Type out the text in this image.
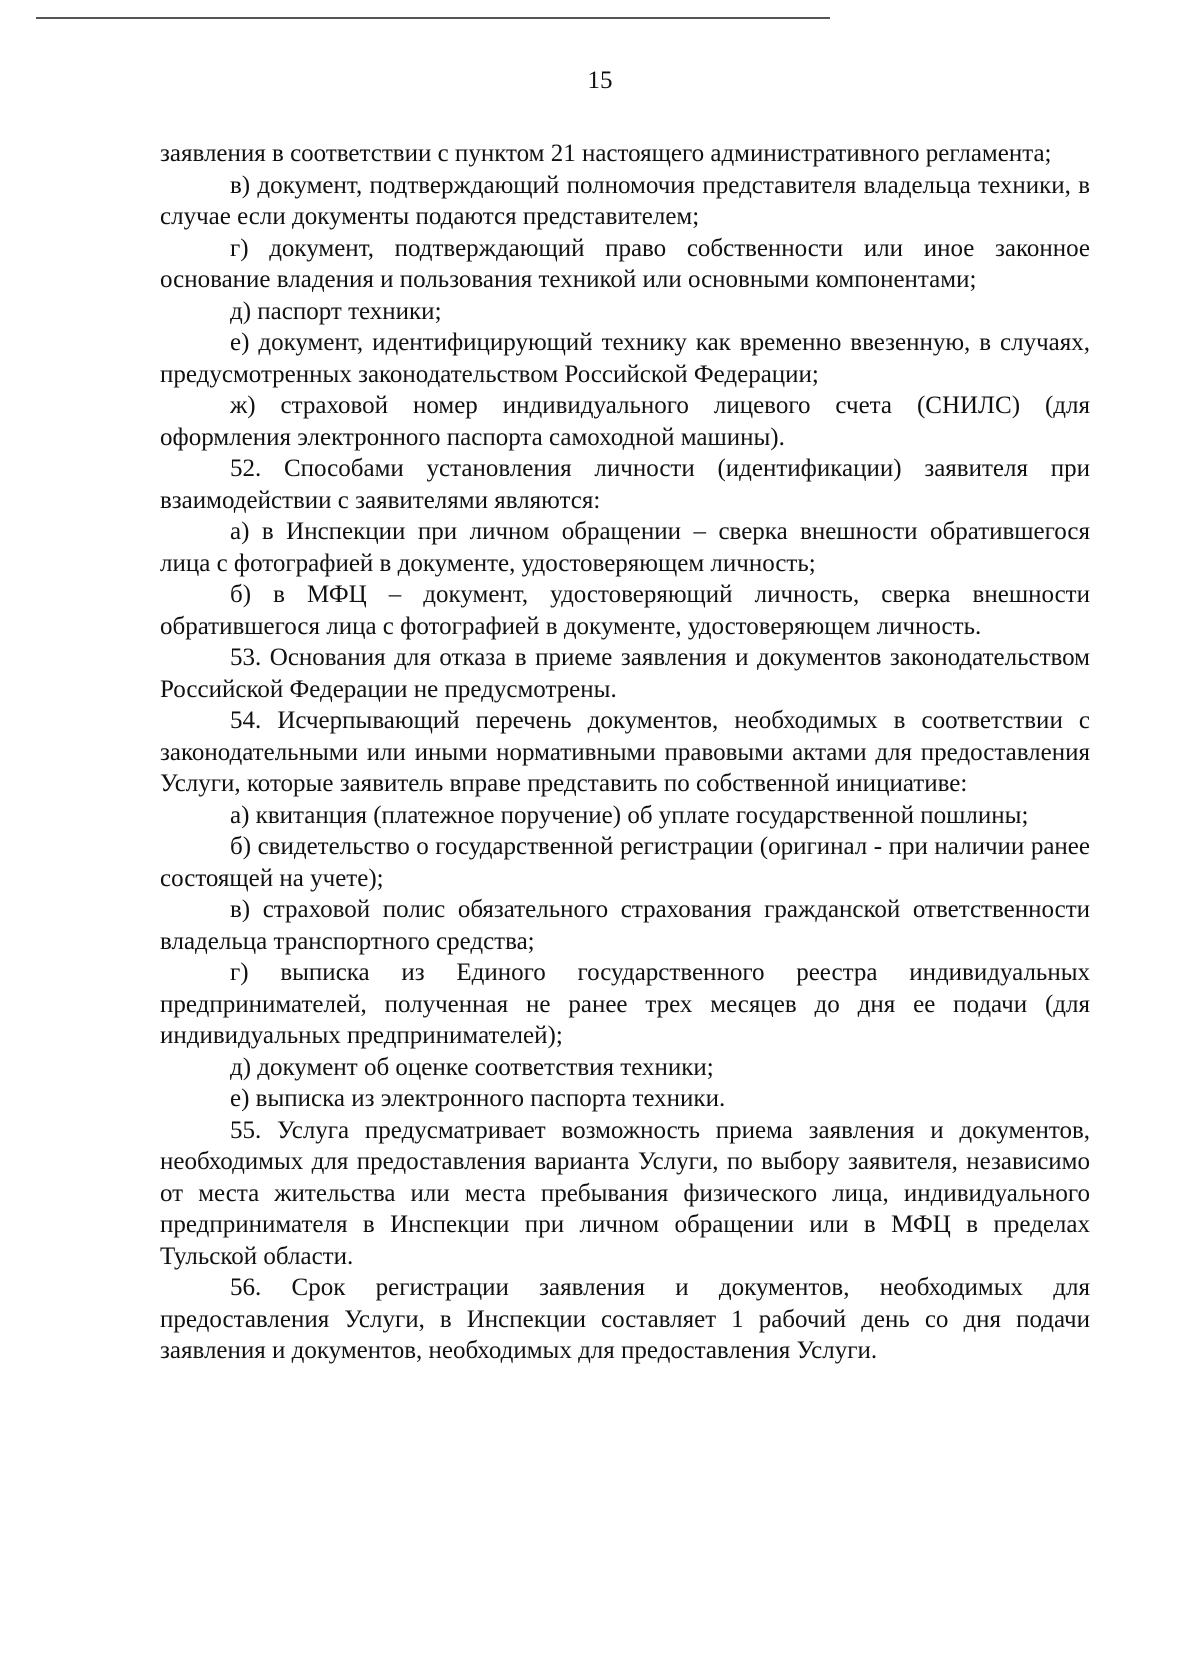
15

заявления в соответствии с пунктом 21 настоящего административного регламента;

в) документ, подтверждающий полномочия представителя владельца техники, в случае если документы подаются представителем;

г) документ, подтверждающий право собственности или иное законное основание владения и пользования техникой или основными компонентами;

д) паспорт техники;

е) документ, идентифицирующий технику как временно ввезенную, в случаях, предусмотренных законодательством Российской Федерации;

ж) страховой номер индивидуального лицевого счета (СНИЛС) (для оформления электронного паспорта самоходной машины).

52. Способами установления личности (идентификации) заявителя при взаимодействии с заявителями являются:

а) в Инспекции при личном обращении – сверка внешности обратившегося лица с фотографией в документе, удостоверяющем личность;

б) в МФЦ – документ, удостоверяющий личность, сверка внешности обратившегося лица с фотографией в документе, удостоверяющем личность.

53. Основания для отказа в приеме заявления и документов законодательством Российской Федерации не предусмотрены.

54. Исчерпывающий перечень документов, необходимых в соответствии с законодательными или иными нормативными правовыми актами для предоставления Услуги, которые заявитель вправе представить по собственной инициативе:

а) квитанция (платежное поручение) об уплате государственной пошлины;

б) свидетельство о государственной регистрации (оригинал - при наличии ранее состоящей на учете);

в) страховой полис обязательного страхования гражданской ответственности владельца транспортного средства;

г) выписка из Единого государственного реестра индивидуальных предпринимателей, полученная не ранее трех месяцев до дня ее подачи (для индивидуальных предпринимателей);

д) документ об оценке соответствия техники;

е) выписка из электронного паспорта техники.

55. Услуга предусматривает возможность приема заявления и документов, необходимых для предоставления варианта Услуги, по выбору заявителя, независимо от места жительства или места пребывания физического лица, индивидуального предпринимателя в Инспекции при личном обращении или в МФЦ в пределах Тульской области.

56. Срок регистрации заявления и документов, необходимых для предоставления Услуги, в Инспекции составляет 1 рабочий день со дня подачи заявления и документов, необходимых для предоставления Услуги.
